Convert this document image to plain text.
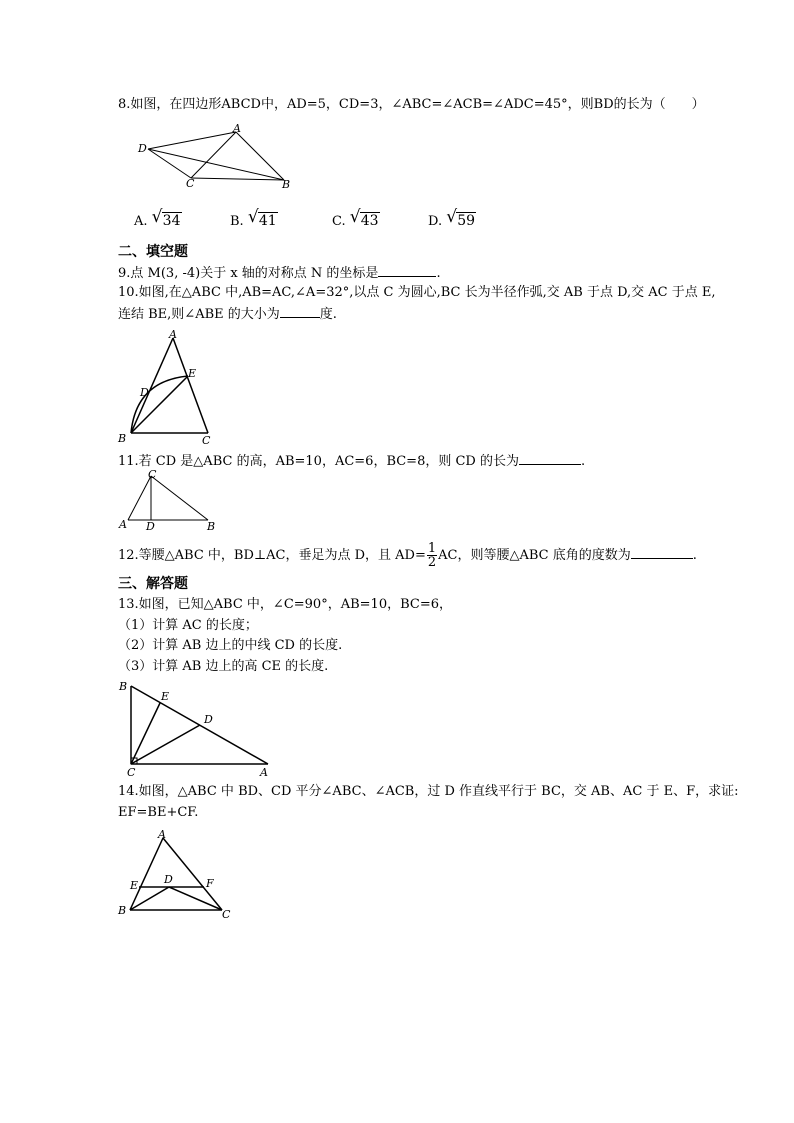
8.如图，在四边形ABCD中，AD=5，CD=3，∠ABC=∠ACB=∠ADC=45°，则BD的长为（　　）
A
B
C
D
A. √ 34	B. √ 41	C. √ 43	D. √ 59
二、填空题
9.点 M(3, -4)关于 x 轴的对称点 N 的坐标是	.
10.如图,在△ABC 中,AB=AC,∠A=32°,以点 C 为圆心,BC 长为半径作弧,交 AB 于点 D,交 AC 于点 E,
连结 BE,则∠ABE 的大小为	度.
A
B	C
D
E
11.若 CD 是△ABC 的高，AB=10，AC=6，BC=8，则 CD 的长为	.
C
A D	B
12.等腰△ABC 中，BD⊥AC，垂足为点 D，且 $AD= \frac{1}{2}$ AC，则等腰△ABC 底角的度数为	.
三、解答题
13.如图，已知△ABC 中，∠C=90°，AB=10，BC=6，
（1）计算 AC 的长度；
（2）计算 AB 边上的中线 CD 的长度.
（3）计算 AB 边上的高 CE 的长度.
B
C	A
D
E
14.如图，△ABC 中 BD、CD 平分∠ABC、∠ACB，过 D 作直线平行于 BC，交 AB、AC 于 E、F，求证:
EF=BE+CF.
A
B	C
D
E	F
